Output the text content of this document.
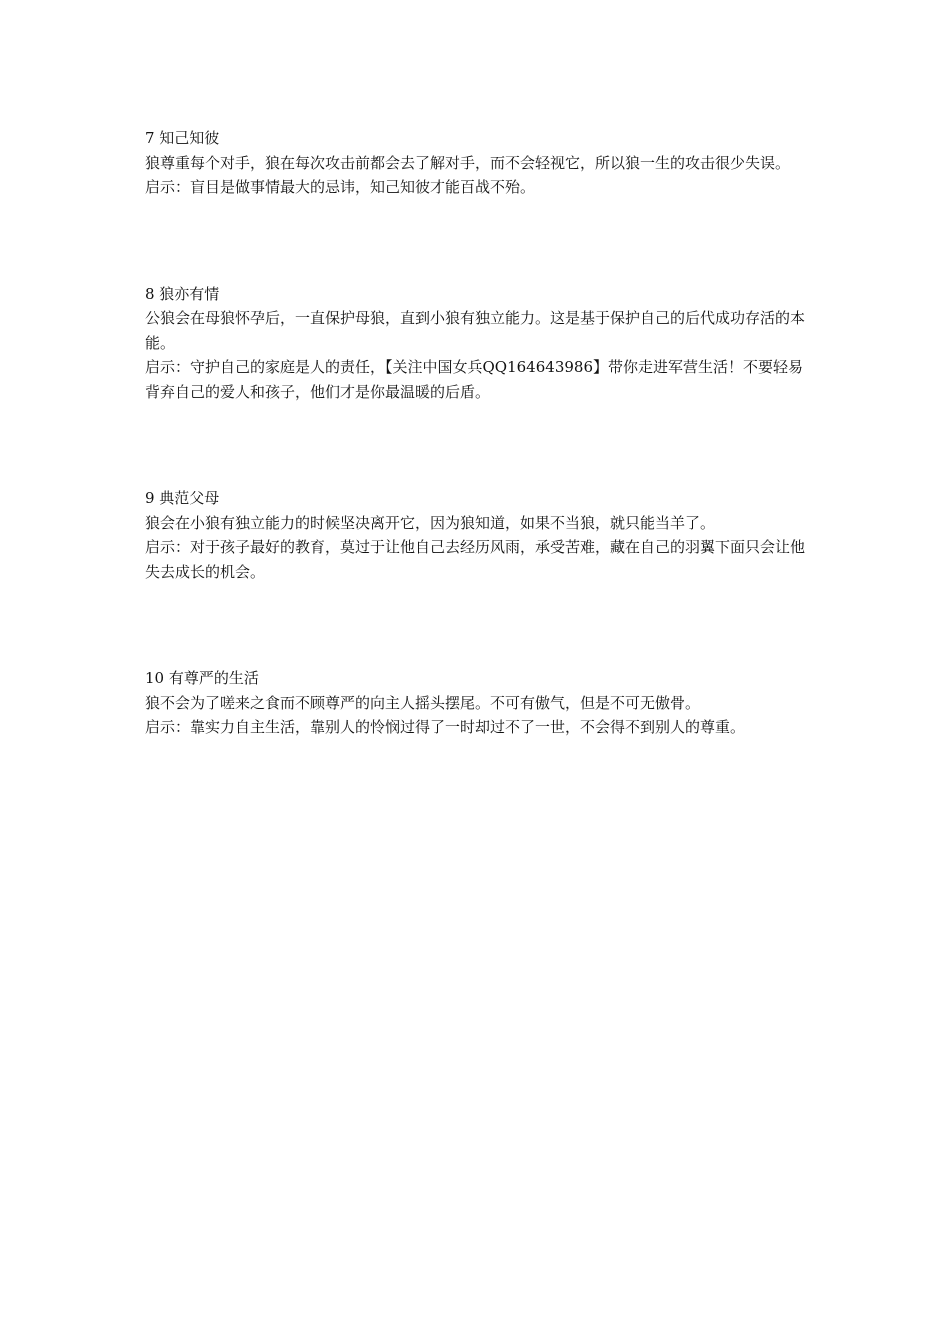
7 知己知彼
狼尊重每个对手，狼在每次攻击前都会去了解对手，而不会轻视它，所以狼一生的攻击很少失误。
启示：盲目是做事情最大的忌讳，知己知彼才能百战不殆。
8 狼亦有情
公狼会在母狼怀孕后，一直保护母狼，直到小狼有独立能力。这是基于保护自己的后代成功存活的本能。
启示：守护自己的家庭是人的责任，【关注中国女兵QQ164643986】带你走进军营生活！不要轻易背弃自己的爱人和孩子，他们才是你最温暖的后盾。
9 典范父母
狼会在小狼有独立能力的时候坚决离开它，因为狼知道，如果不当狼，就只能当羊了。
启示：对于孩子最好的教育，莫过于让他自己去经历风雨，承受苦难，藏在自己的羽翼下面只会让他失去成长的机会。
10 有尊严的生活
狼不会为了嗟来之食而不顾尊严的向主人摇头摆尾。不可有傲气，但是不可无傲骨。
启示：靠实力自主生活，靠别人的怜悯过得了一时却过不了一世，不会得不到别人的尊重。
